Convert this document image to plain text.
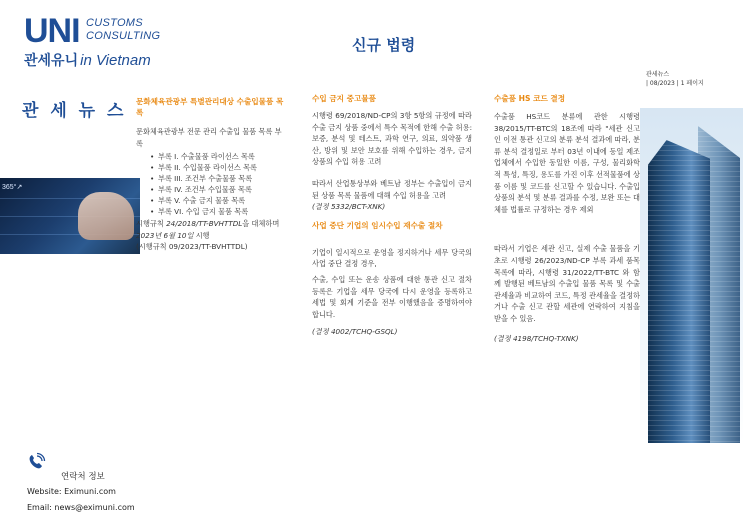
UNI CUSTOMS
CONSULTING
관세유니 in Vietnam
신규 법령
관세뉴스
| 08/2023 | 1 페이지
관 세 뉴 스
365°↗
문화체육관광부 특별관리대상 수출입물품 목록
문화체육관광부 전문 관리 수출입 물품 목록 부록
• 부록 I. 수출물품 라이선스 목록
• 부록 II. 수입물품 라이선스 목록
• 부록 III. 조건부 수출물품 목록
• 부록 IV. 조건부 수입물품 목록
• 부록 V. 수출 금지 물품 목록
• 부록 VI. 수입 금지 물품 목록
시행규칙 24/2018/TT-BVHTTDL을 대체하며 2023년 6월 10일 시행
(시행규칙 09/2023/TT-BVHTTDL)
수입 금지 중고물품

시행령 69/2018/ND-CP의 3항 5항의 규정에 따라 수출 금지 상품 중에서 특수 목적에 한해 수출 허용: 보증, 분석 및 테스트, 과학 연구, 의료, 의약품 생산, 방위 및 보안 보호를 위해 수입하는 경우, 금지 상품의 수입 허용 고려

따라서 산업통상부와 베트남 정부는 수출입이 금지 된 상품 목록 물품에 대해 수입 허용을 고려

(결정 5332/BCT-XNK)
사업 중단 기업의 임시수입 재수출 절차

기업이 일시적으로 운영을 정지하거나 세무 당국의 사업 중단 결정 경우,

수출, 수입 또는 운송 상품에 대한 통관 신고 절차 등록은 기업을 세무 당국에 다시 운영을 등록하고 세법 및 회계 기준을 전부 이행했음을 증명하여야 합니다.

(결정 4002/TCHQ-GSQL)
수출품 HS 코드 결정

수출품 HS코드 분류에 관한 시행령 38/2015/TT-BTC의 18조에 따라 "세관 신고인 이전 통관 신고의 분류 분석 결과에 따라, 분류 분석 결정일로 부터 03년 이내에 동일 제조업체에서 수입한 동일한 이름, 구성, 물리화학적 특성, 특징, 용도를 가진 이후 선적물품에 상품 이름 및 코드를 신고할 수 있습니다. 수출입 상품의 분석 및 분류 결과를 수정, 보완 또는 대체를 법률로 규정하는 경우 제외

따라서 기업은 세관 신고, 실제 수출 물품을 기초로 시행령 26/2023/ND-CP 부록 과세 품목 목록에 따라, 시행령 31/2022/TT-BTC 와 함께 발행된 베트남의 수출입 물품 목록 및 수출 관세율과 비교하여 코드, 특정 관세율을 결정하거나 수출 신고 관할 세관에 연락하여 지침을 받을 수 있음.

(결정 4198/TCHQ-TXNK)
연락처 정보
Website: Eximuni.com
Email: news@eximuni.com
